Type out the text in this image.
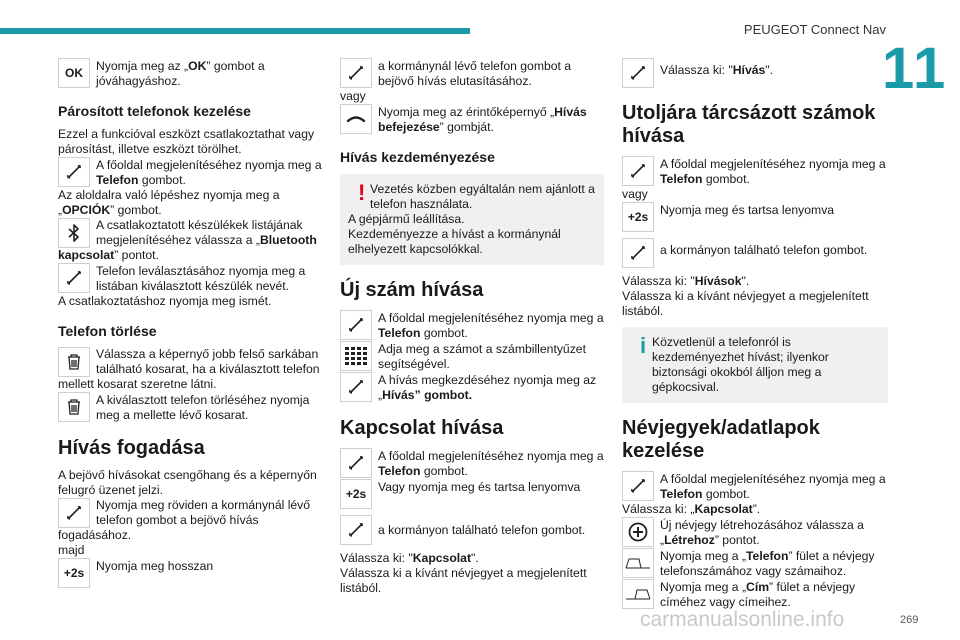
PEUGEOT Connect Nav
11
OK Nyomja meg az „OK” gombot a jóváhagyáshoz.
Párosított telefonok kezelése

Ezzel a funkcióval eszközt csatlakoztathat vagy párosítást, illetve eszközt törölhet.

A főoldal megjelenítéséhez nyomja meg a Telefon gombot.

Az aloldalra való lépéshez nyomja meg a „OPCIÓK” gombot.

A csatlakoztatott készülékek listájának megjelenítéséhez válassza a „Bluetooth kapcsolat” pontot.
Telefon leválasztásához nyomja meg a listában kiválasztott készülék nevét.

A csatlakoztatáshoz nyomja meg ismét.

Telefon törlése
Válassza a képernyő jobb felső sarkában található kosarat, ha a kiválasztott telefon mellett kosarat szeretne látni.
A kiválasztott telefon törléséhez nyomja meg a mellette lévő kosarat.
Hívás fogadása

A bejövő hívásokat csengőhang és a képernyőn felugró üzenet jelzi.

Nyomja meg röviden a kormánynál lévő telefon gombot a bejövő hívás fogadásához.

majd

+2s Nyomja meg hosszan
a kormánynál lévő telefon gombot a bejövő hívás elutasításához.

vagy

Nyomja meg az érintőképernyő „Hívás befejezése” gombját.
Hívás kezdeményezése
! Vezetés közben egyáltalán nem ajánlott a telefon használata.
A gépjármű leállítása.
Kezdeményezze a hívást a kormánynál elhelyezett kapcsolókkal.
Új szám hívása
A főoldal megjelenítéséhez nyomja meg a Telefon gombot.
Adja meg a számot a számbillentyűzet segítségével.
A hívás megkezdéséhez nyomja meg az „Hívás” gombot.
Kapcsolat hívása
A főoldal megjelenítéséhez nyomja meg a Telefon gombot.
+2s Vagy nyomja meg és tartsa lenyomva
a kormányon található telefon gombot.

Válassza ki: "Kapcsolat".

Válassza ki a kívánt névjegyet a megjelenített listából.

Válassza ki: "Hívás".
Utoljára tárcsázott számok hívása
A főoldal megjelenítéséhez nyomja meg a Telefon gombot.

vagy

+2s Nyomja meg és tartsa lenyomva
a kormányon található telefon gombot.

Válassza ki: "Hívások".

Válassza ki a kívánt névjegyet a megjelenített listából.

i Közvetlenül a telefonról is kezdeményezhet hívást; ilyenkor biztonsági okokból álljon meg a gépkocsival.
Névjegyek/adatlapok kezelése
A főoldal megjelenítéséhez nyomja meg a Telefon gombot.

Válassza ki: „Kapcsolat”.

Új névjegy létrehozásához válassza a „Létrehoz” pontot.
Nyomja meg a „Telefon” fület a névjegy telefonszámához vagy számaihoz.
Nyomja meg a „Cím” fület a névjegy címéhez vagy címeihez.
carmanualsonline.info	269
